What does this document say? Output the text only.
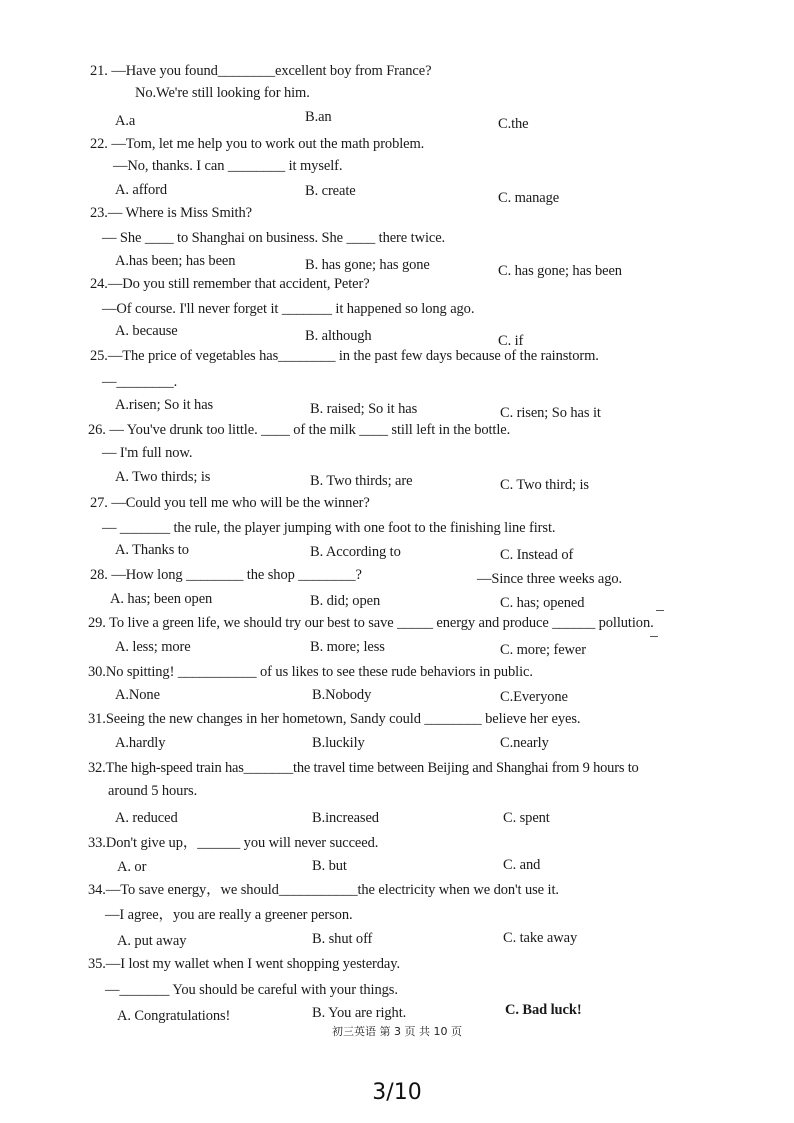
21. —Have you found________excellent boy from France?
No.We're still looking for him.
A.a	B.an	C.the
22. —Tom, let me help you to work out the math problem.
—No, thanks. I can ________ it myself.
A. afford	B. create	C. manage
23.— Where is Miss Smith?
— She ____ to Shanghai on business. She ____ there twice.
A.has been; has been	B. has gone; has gone	C. has gone; has been
24.—Do you still remember that accident, Peter?
—Of course. I'll never forget it _______ it happened so long ago.
A. because	B. although	C. if
25.—The price of vegetables has________ in the past few days because of the rainstorm.
—________.
A.risen; So it has	B. raised; So it has	C. risen; So has it
26. — You've drunk too little. ____ of the milk ____ still left in the bottle.
— I'm full now.
A. Two thirds; is	B. Two thirds; are	C. Two third; is
27. —Could you tell me who will be the winner?
— _______ the rule, the player jumping with one foot to the finishing line first.
A. Thanks to	B. According to	C. Instead of
28. —How long ________ the shop ________?	—Since three weeks ago.
A. has; been open	B. did; open	C. has; opened
29. To live a green life, we should try our best to save _____ energy and produce ______ pollution.
A. less; more	B. more; less	C. more; fewer
30.No spitting! ___________ of us likes to see these rude behaviors in public.
A.None	B.Nobody	C.Everyone
31.Seeing the new changes in her hometown, Sandy could ________ believe her eyes.
A.hardly	B.luckily	C.nearly
32.The high-speed train has_______the travel time between Beijing and Shanghai from 9 hours to
around 5 hours.
A. reduced	B.increased	C. spent
33.Don't give up，______ you will never succeed.
A. or	B. but	C. and
34.—To save energy，we should___________the electricity when we don't use it.
—I agree，you are really a greener person.
A. put away	B. shut off	C. take away
35.—I lost my wallet when I went shopping yesterday.
—_______ You should be careful with your things.
A. Congratulations!	B. You are right.	C. Bad luck!
初三英语 第 3 页 共 10 页
3/10
